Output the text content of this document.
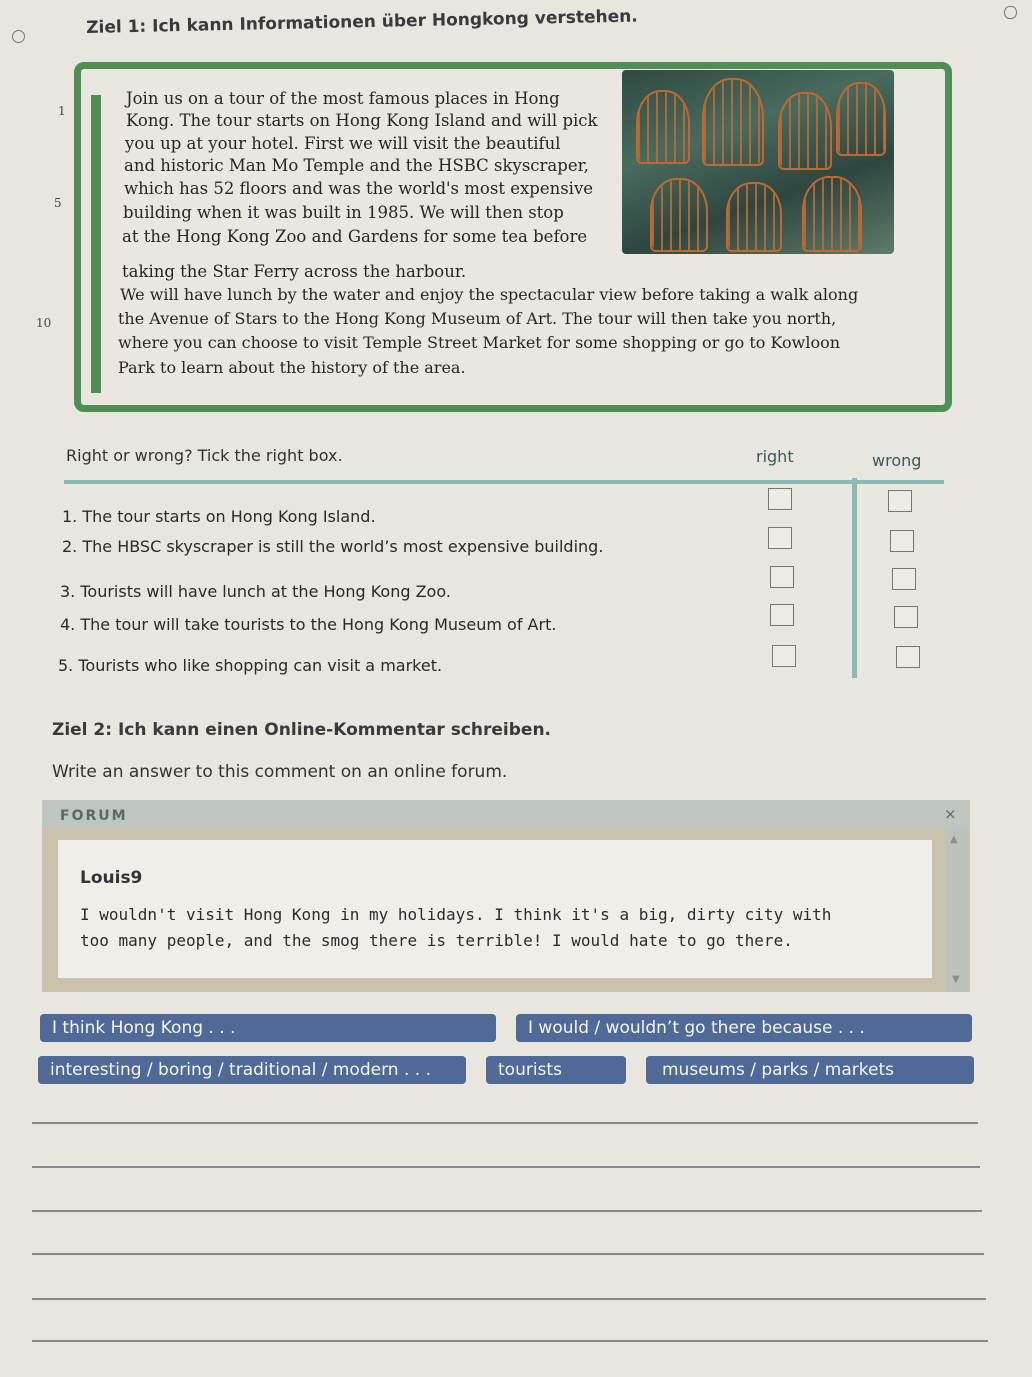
Ziel 1: Ich kann Informationen über Hongkong verstehen.
1
5
10
Join us on a tour of the most famous places in Hong
Kong. The tour starts on Hong Kong Island and will pick
you up at your hotel. First we will visit the beautiful
and historic Man Mo Temple and the HSBC skyscraper,
which has 52 floors and was the world's most expensive
building when it was built in 1985. We will then stop
at the Hong Kong Zoo and Gardens for some tea before
taking the Star Ferry across the harbour.
We will have lunch by the water and enjoy the spectacular view before taking a walk along
the Avenue of Stars to the Hong Kong Museum of Art. The tour will then take you north,
where you can choose to visit Temple Street Market for some shopping or go to Kowloon
Park to learn about the history of the area.
Right or wrong? Tick the right box.	right	wrong
1. The tour starts on Hong Kong Island.
2. The HBSC skyscraper is still the world’s most expensive building.
3. Tourists will have lunch at the Hong Kong Zoo.
4. The tour will take tourists to the Hong Kong Museum of Art.
5. Tourists who like shopping can visit a market.
Ziel 2: Ich kann einen Online-Kommentar schreiben.
Write an answer to this comment on an online forum.
FORUM	×
▲
▼
Louis9
I wouldn't visit Hong Kong in my holidays. I think it's a big, dirty city with
too many people, and the smog there is terrible! I would hate to go there.
I think Hong Kong . . .	I would / wouldn’t go there because . . .
interesting / boring / traditional / modern . . .	tourists	museums / parks / markets
